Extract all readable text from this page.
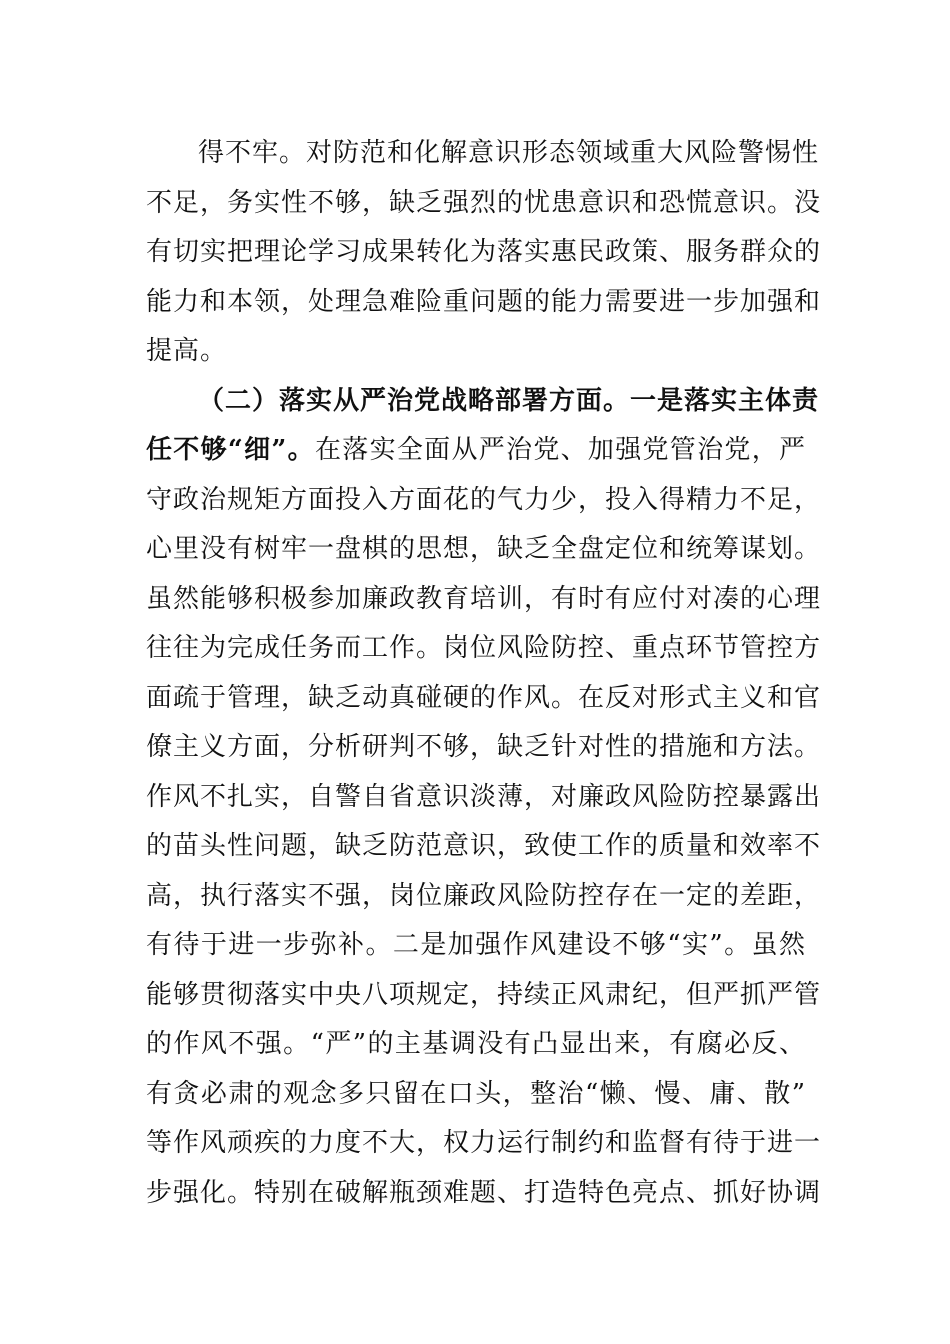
得不牢。对防范和化解意识形态领域重大风险警惕性
不足，务实性不够，缺乏强烈的忧患意识和恐慌意识。没
有切实把理论学习成果转化为落实惠民政策、服务群众的
能力和本领，处理急难险重问题的能力需要进一步加强和
提高。
（二）落实从严治党战略部署方面。一是落实主体责
任不够“细”。在落实全面从严治党、加强党管治党，严
守政治规矩方面投入方面花的气力少，投入得精力不足，
心里没有树牢一盘棋的思想，缺乏全盘定位和统筹谋划。
虽然能够积极参加廉政教育培训，有时有应付对凑的心理
往往为完成任务而工作。岗位风险防控、重点环节管控方
面疏于管理，缺乏动真碰硬的作风。在反对形式主义和官
僚主义方面，分析研判不够，缺乏针对性的措施和方法。
作风不扎实，自警自省意识淡薄，对廉政风险防控暴露出
的苗头性问题，缺乏防范意识，致使工作的质量和效率不
高，执行落实不强，岗位廉政风险防控存在一定的差距，
有待于进一步弥补。二是加强作风建设不够“实”。虽然
能够贯彻落实中央八项规定，持续正风肃纪，但严抓严管
的作风不强。“严”的主基调没有凸显出来，有腐必反、
有贪必肃的观念多只留在口头，整治“懒、慢、庸、散”
等作风顽疾的力度不大，权力运行制约和监督有待于进一
步强化。特别在破解瓶颈难题、打造特色亮点、抓好协调
